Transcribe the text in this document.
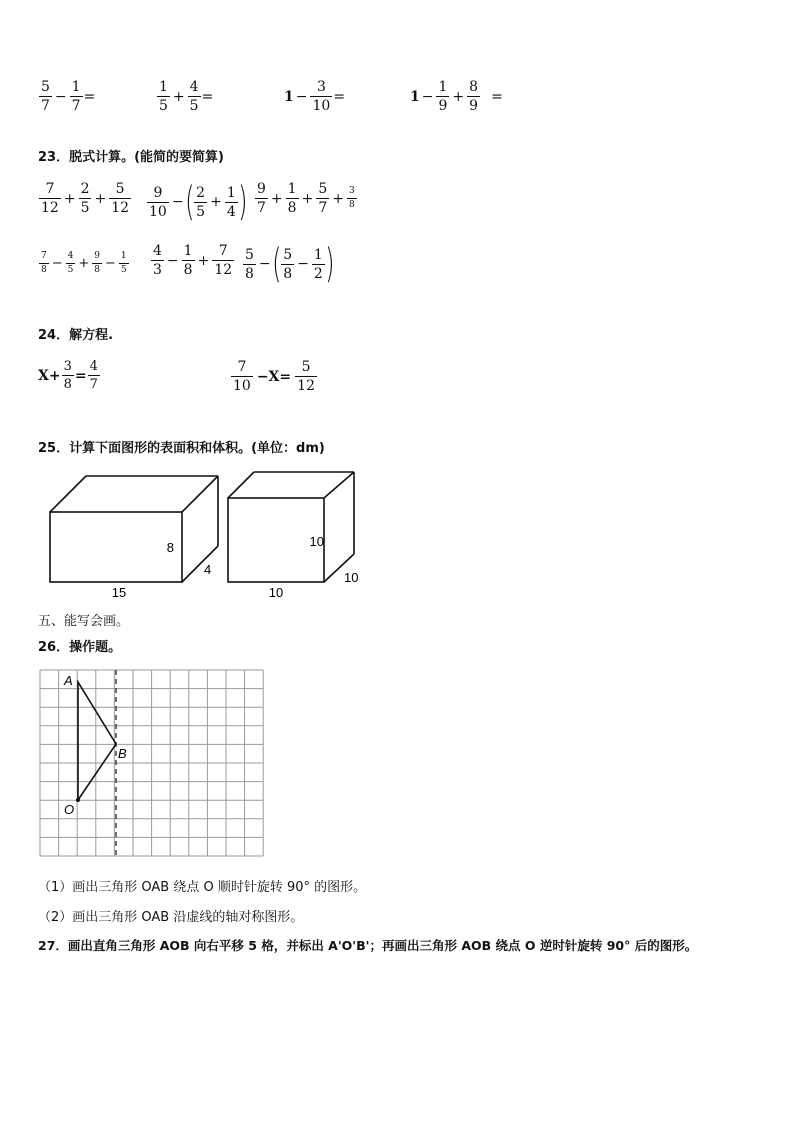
$\frac{5}{7} - \frac{1}{7}$ =	$\frac{1}{5} + \frac{4}{5}$ =	$1 - \frac{3}{10}$ =	$1 - \frac{1}{9} + \frac{8}{9}$ =
23．脱式计算。(能简的要简算)
$\frac{7}{12} + \frac{2}{5} + \frac{5}{12} \frac{9}{10}$ − ( $\frac{2}{5} + \frac{1}{4}$ ) $\frac{9}{7} + \frac{1}{8} + \frac{5}{7} + \frac{3}{8}$
$\frac{7}{8} - \frac{4}{5} + \frac{9}{8} - \frac{1}{5} \frac{4}{3} - \frac{1}{8} + \frac{7}{12} \frac{5}{8}$ − ( $\frac{5}{8} - \frac{1}{2}$ )
24．解方程.
$X+ \frac{3}{8} = \frac{4}{7}$	$\frac{7}{10} -X= \frac{5}{12}$
25．计算下面图形的表面积和体积。(单位：dm)
8
4
15
10
10
10
五、能写会画。
26．操作题。
A
B
O
（1）画出三角形 OAB 绕点 O 顺时针旋转 90° 的图形。
（2）画出三角形 OAB 沿虚线的轴对称图形。
27．画出直角三角形 AOB 向右平移 5 格，并标出 A'O'B'；再画出三角形 AOB 绕点 O 逆时针旋转 90° 后的图形。
